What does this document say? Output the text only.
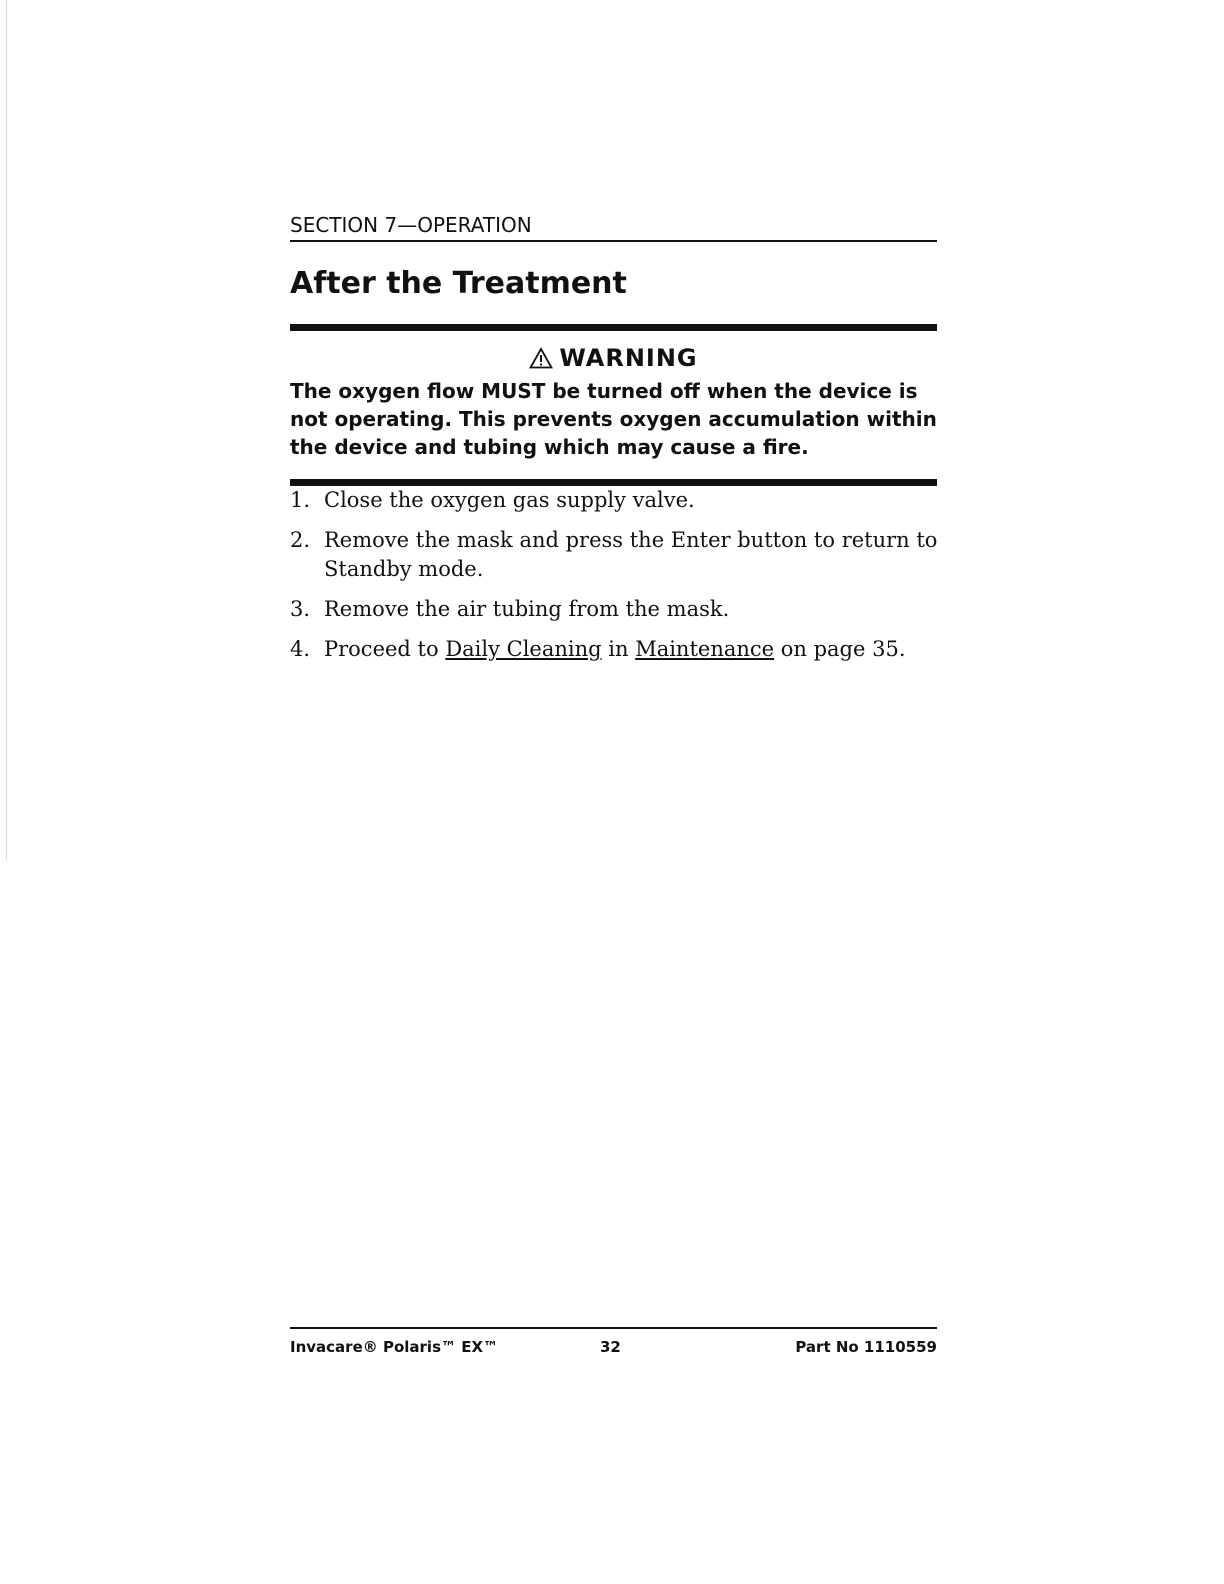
SECTION 7—OPERATION
After the Treatment
WARNING

The oxygen flow MUST be turned off when the device is not operating. This prevents oxygen accumulation within the device and tubing which may cause a fire.

1. Close the oxygen gas supply valve.
2. Remove the mask and press the Enter button to return to Standby mode.
3. Remove the air tubing from the mask.
4. Proceed to Daily Cleaning in Maintenance on page 35.
Invacare® Polaris™ EX™	32	Part No 1110559
